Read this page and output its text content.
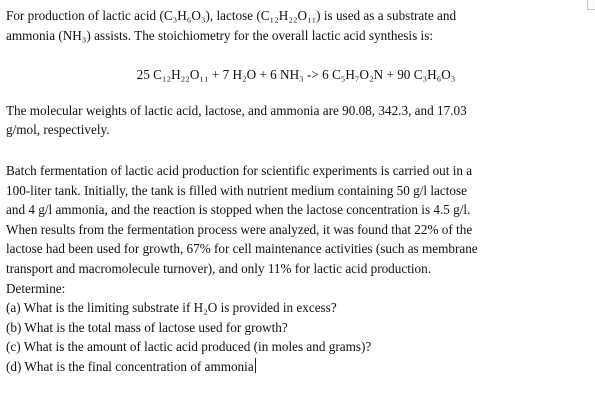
For production of lactic acid (C₃H₆O₃), lactose (C₁₂H₂₂O₁₁) is used as a substrate and

ammonia (NH₃) assists. The stoichiometry for the overall lactic acid synthesis is:

25 C₁₂H₂₂O₁₁ + 7 H₂O + 6 NH₃ -> 6 C₅H₇O₂N + 90 C₃H₆O₃

The molecular weights of lactic acid, lactose, and ammonia are 90.08, 342.3, and 17.03

g/mol, respectively.

Batch fermentation of lactic acid production for scientific experiments is carried out in a

100-liter tank. Initially, the tank is filled with nutrient medium containing 50 g/l lactose

and 4 g/l ammonia, and the reaction is stopped when the lactose concentration is 4.5 g/l.

When results from the fermentation process were analyzed, it was found that 22% of the

lactose had been used for growth, 67% for cell maintenance activities (such as membrane

transport and macromolecule turnover), and only 11% for lactic acid production.

Determine:

(a) What is the limiting substrate if H₂O is provided in excess?

(b) What is the total mass of lactose used for growth?

(c) What is the amount of lactic acid produced (in moles and grams)?

(d) What is the final concentration of ammonia
